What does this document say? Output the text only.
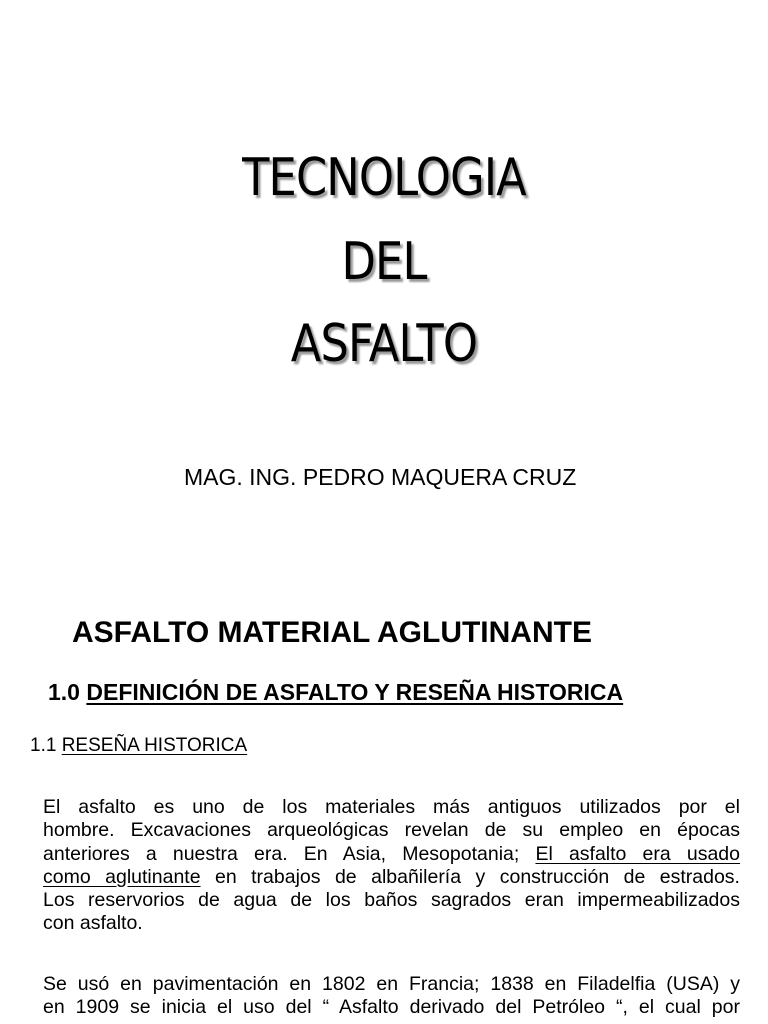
TECNOLOGIA
DEL
ASFALTO
MAG. ING. PEDRO MAQUERA CRUZ
ASFALTO MATERIAL AGLUTINANTE
1.0 DEFINICIÓN DE ASFALTO Y RESEÑA HISTORICA
1.1 RESEÑA HISTORICA
El asfalto es uno de los materiales más antiguos utilizados por el
hombre. Excavaciones arqueológicas revelan de su empleo en épocas
anteriores a nuestra era. En Asia, Mesopotania; El asfalto era usado
como aglutinante en trabajos de albañilería y construcción de estrados.
Los reservorios de agua de los baños sagrados eran impermeabilizados
con asfalto.
Se usó en pavimentación en 1802 en Francia; 1838 en Filadelfia (USA) y
en 1909 se inicia el uso del “ Asfalto derivado del Petróleo “, el cual por
